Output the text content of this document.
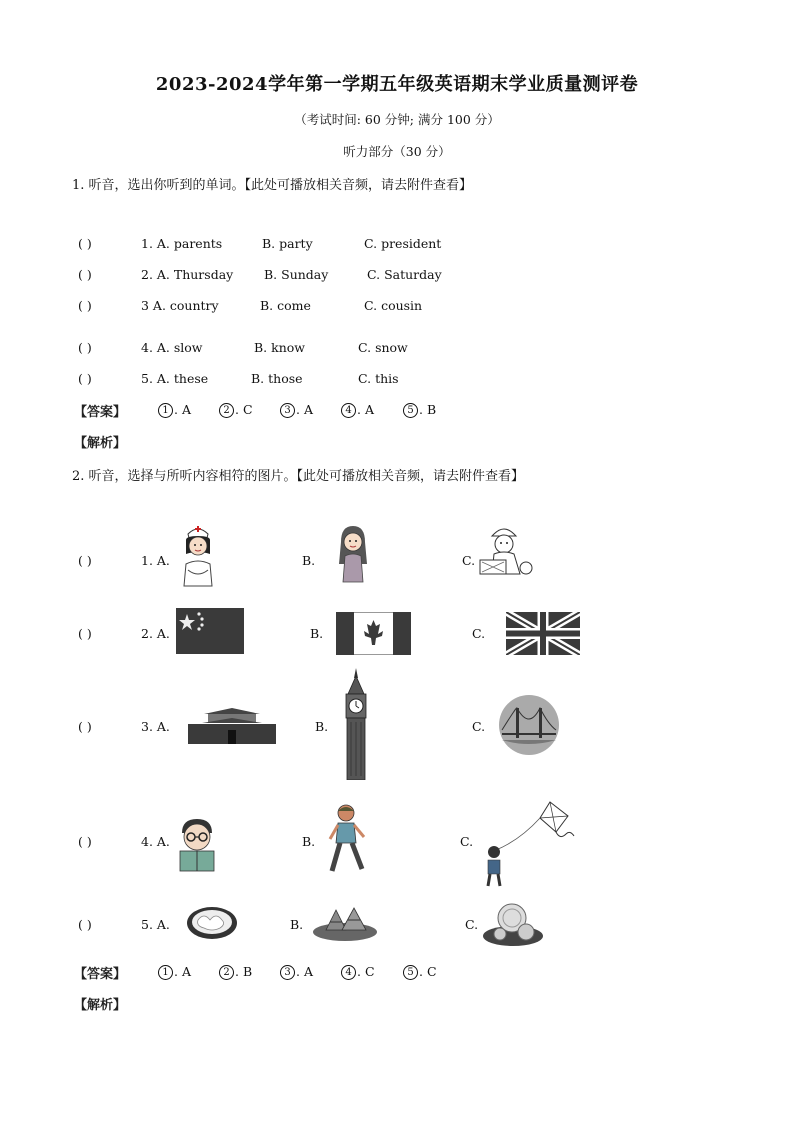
2023-2024学年第一学期五年级英语期末学业质量测评卷
（考试时间: 60 分钟; 满分 100 分）
听力部分（30 分）
1. 听音，选出你听到的单词。【此处可播放相关音频，请去附件查看】
( )	1. A. parents	B. party	C. president
( )	2. A. Thursday B. Sunday	C. Saturday
( )	3 A. country	B. come	C. cousin
( )	4. A. slow	B. know	C. snow
( )	5. A. these	B. those	C. this
【答案】	1 . A	2 . C	3 . A	4 . A	5 . B
【解析】
2. 听音，选择与所听内容相符的图片。【此处可播放相关音频，请去附件查看】
( )	1. A.	B.	C.
( )	2. A.	B.	C.
( )	3. A.	B.	C.
( )	4. A.	B.	C.
( )	5. A.	B.	C.
【答案】	1 . A	2 . B	3 . A	4 . C	5 . C
【解析】
